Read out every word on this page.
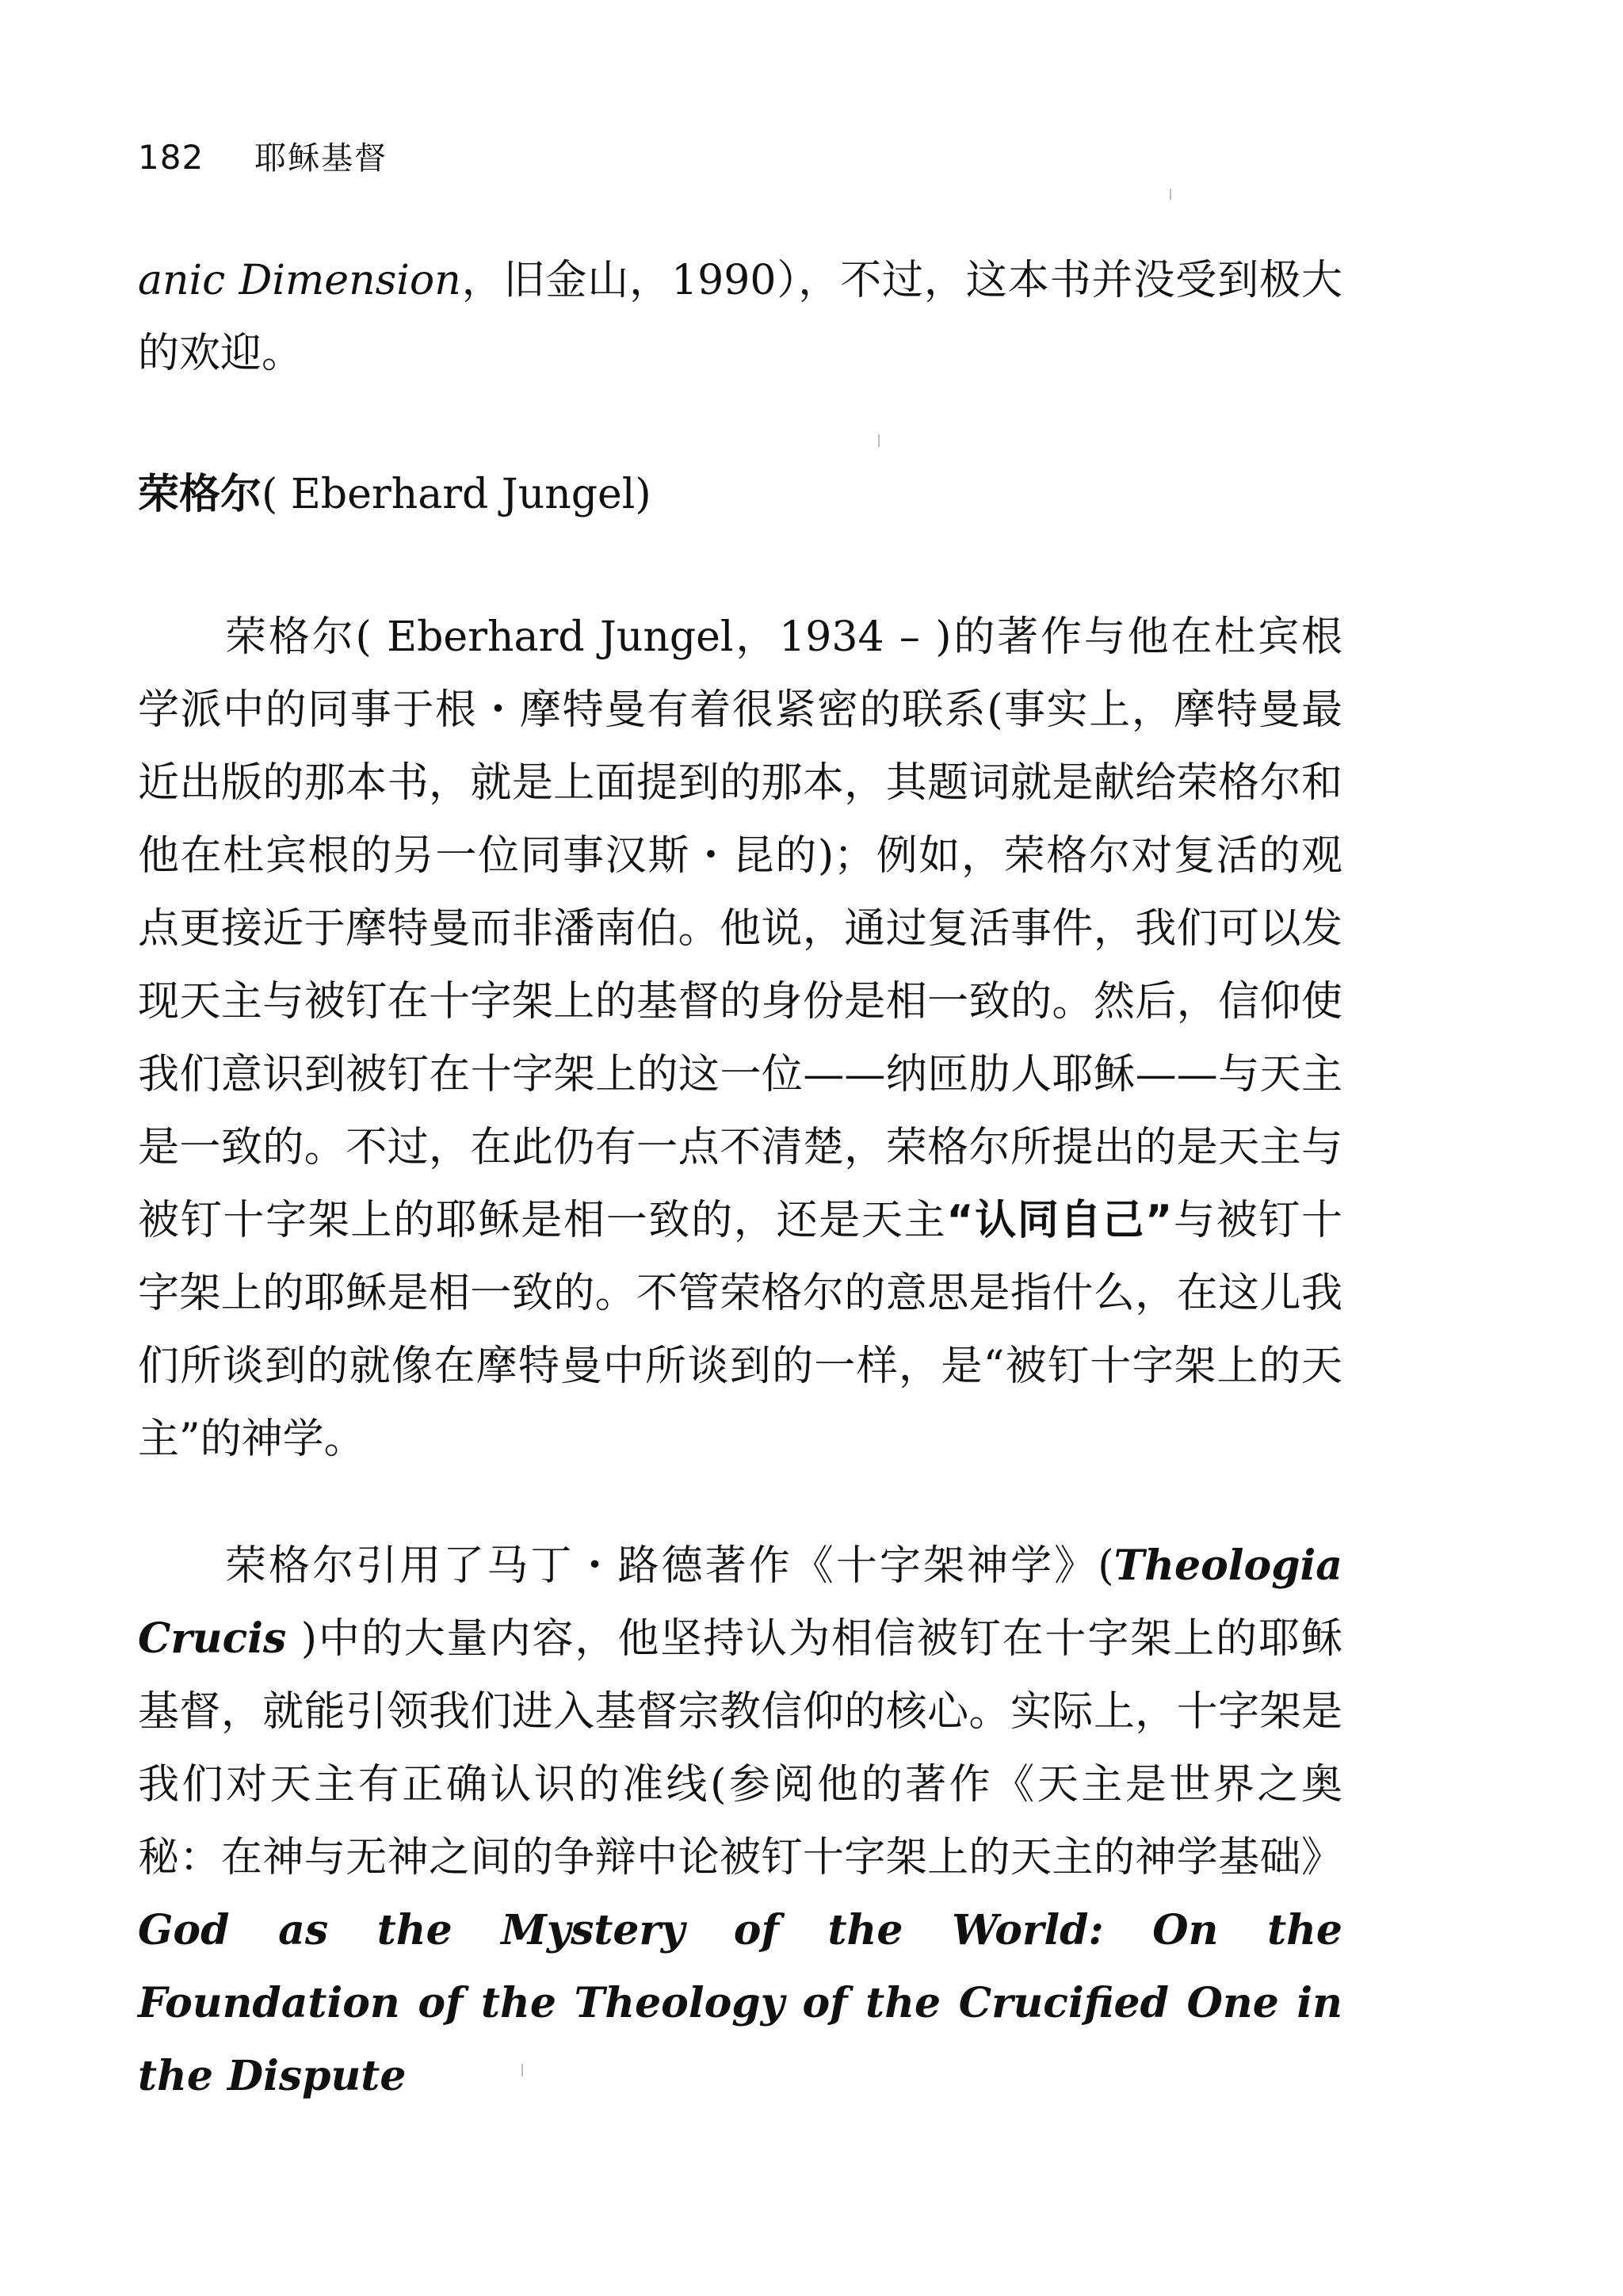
182 耶稣基督
anic Dimension，旧金山，1990），不过，这本书并没受到极大的欢迎。
荣格尔( Eberhard Jungel)
荣格尔( Eberhard Jungel，1934 – )的著作与他在杜宾根学派中的同事于根・摩特曼有着很紧密的联系(事实上，摩特曼最近出版的那本书，就是上面提到的那本，其题词就是献给荣格尔和他在杜宾根的另一位同事汉斯・昆的)；例如，荣格尔对复活的观点更接近于摩特曼而非潘南伯。他说，通过复活事件，我们可以发现天主与被钉在十字架上的基督的身份是相一致的。然后，信仰使我们意识到被钉在十字架上的这一位——纳匝肋人耶稣——与天主是一致的。不过，在此仍有一点不清楚，荣格尔所提出的是天主与被钉十字架上的耶稣是相一致的，还是天主“认同自己”与被钉十字架上的耶稣是相一致的。不管荣格尔的意思是指什么，在这儿我们所谈到的就像在摩特曼中所谈到的一样，是“被钉十字架上的天主”的神学。
荣格尔引用了马丁・路德著作《十字架神学》(Theologia Crucis )中的大量内容，他坚持认为相信被钉在十字架上的耶稣基督，就能引领我们进入基督宗教信仰的核心。实际上，十字架是我们对天主有正确认识的准线(参阅他的著作《天主是世界之奥秘：在神与无神之间的争辩中论被钉十字架上的天主的神学基础》God as the Mystery of the World: On the Foundation of the Theology of the Crucified One in the Dispute
